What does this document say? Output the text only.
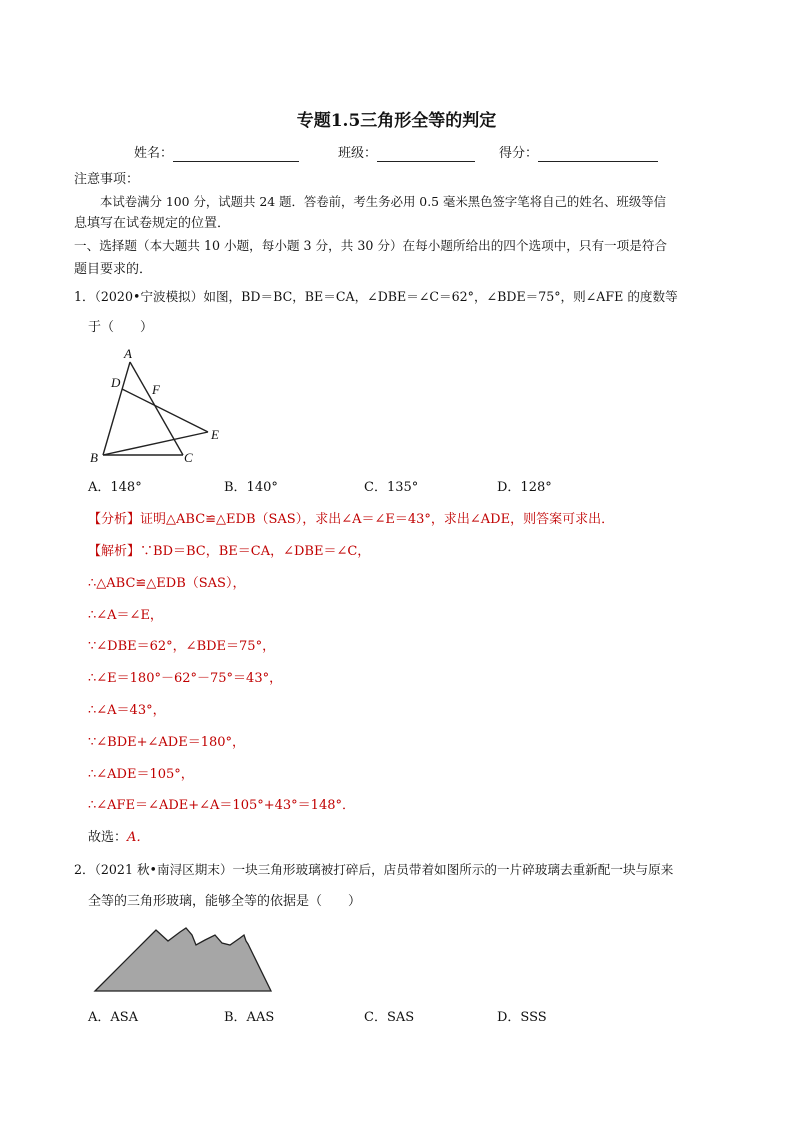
专题1.5三角形全等的判定
姓名：	班级：	得分：
注意事项：
本试卷满分 100 分，试题共 24 题．答卷前，考生务必用 0.5 毫米黑色签字笔将自己的姓名、班级等信
息填写在试卷规定的位置．
一、选择题（本大题共 10 小题，每小题 3 分，共 30 分）在每小题所给出的四个选项中，只有一项是符合
题目要求的．
1．（2020•宁波模拟）如图，BD＝BC，BE＝CA，∠DBE＝∠C＝62°，∠BDE＝75°，则∠AFE 的度数等
于（　　）
A
D F
E
B	C
A．148°	B．140°	C．135°	D．128°
【分析】证明△ABC≌△EDB（SAS），求出∠A＝∠E＝43°，求出∠ADE，则答案可求出．
【解析】∵BD＝BC，BE＝CA，∠DBE＝∠C，
∴△ABC≌△EDB（SAS），
∴∠A＝∠E，
∵∠DBE＝62°，∠BDE＝75°，
∴∠E＝180°－62°－75°＝43°，
∴∠A＝43°，
∵∠BDE+∠ADE＝180°，
∴∠ADE＝105°，
∴∠AFE＝∠ADE+∠A＝105°+43°＝148°．
故选：A．
2．（2021 秋•南浔区期末）一块三角形玻璃被打碎后，店员带着如图所示的一片碎玻璃去重新配一块与原来
全等的三角形玻璃，能够全等的依据是（　　）
A．ASA	B．AAS	C．SAS	D．SSS
